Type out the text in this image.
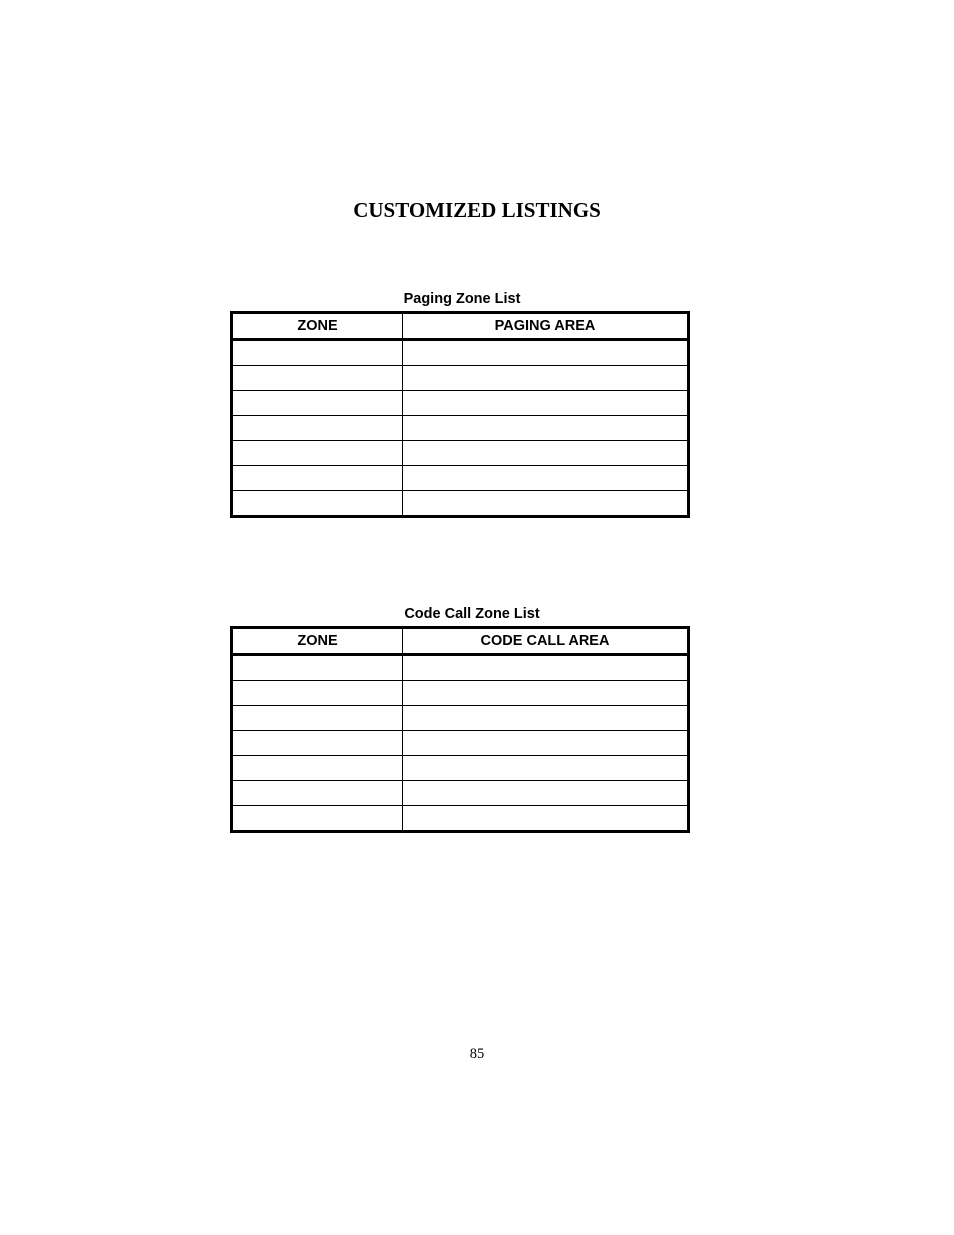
CUSTOMIZED LISTINGS
Paging Zone List
ZONE	PAGING AREA

Code Call Zone List
ZONE	CODE CALL AREA

85
